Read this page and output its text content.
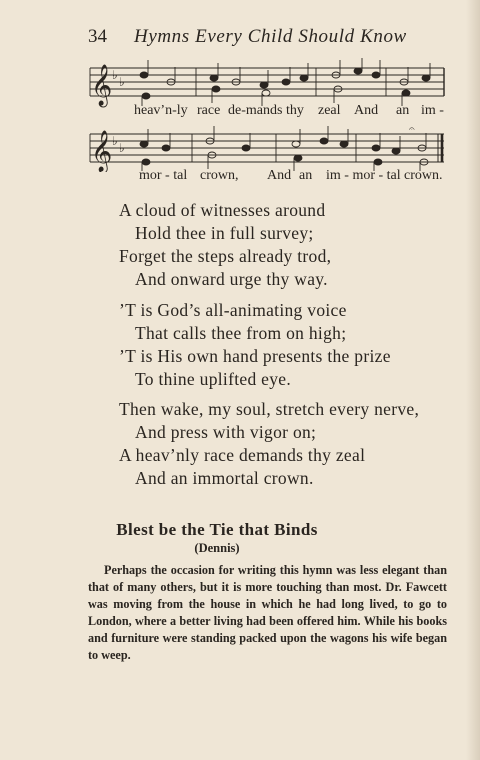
34 Hymns Every Child Should Know
𝄞 ♭ ♭
heav’n-ly race de-mands thy zeal And an im -
𝄞 ♭ ♭
𝄐
mor - tal crown, And an im - mor - tal crown.
A cloud of witnesses around
Hold thee in full survey;
Forget the steps already trod,
And onward urge thy way.
’T is God’s all-animating voice
That calls thee from on high;
’T is His own hand presents the prize
To thine uplifted eye.
Then wake, my soul, stretch every nerve,
And press with vigor on;
A heav’nly race demands thy zeal
And an immortal crown.
Blest be the Tie that Binds
(Dennis)

Perhaps the occasion for writing this hymn was less elegant than that of many others, but it is more touching than most. Dr. Fawcett was moving from the house in which he had long lived, to go to London, where a better living had been offered him. While his books and furniture were standing packed upon the wagons his wife began to weep.
